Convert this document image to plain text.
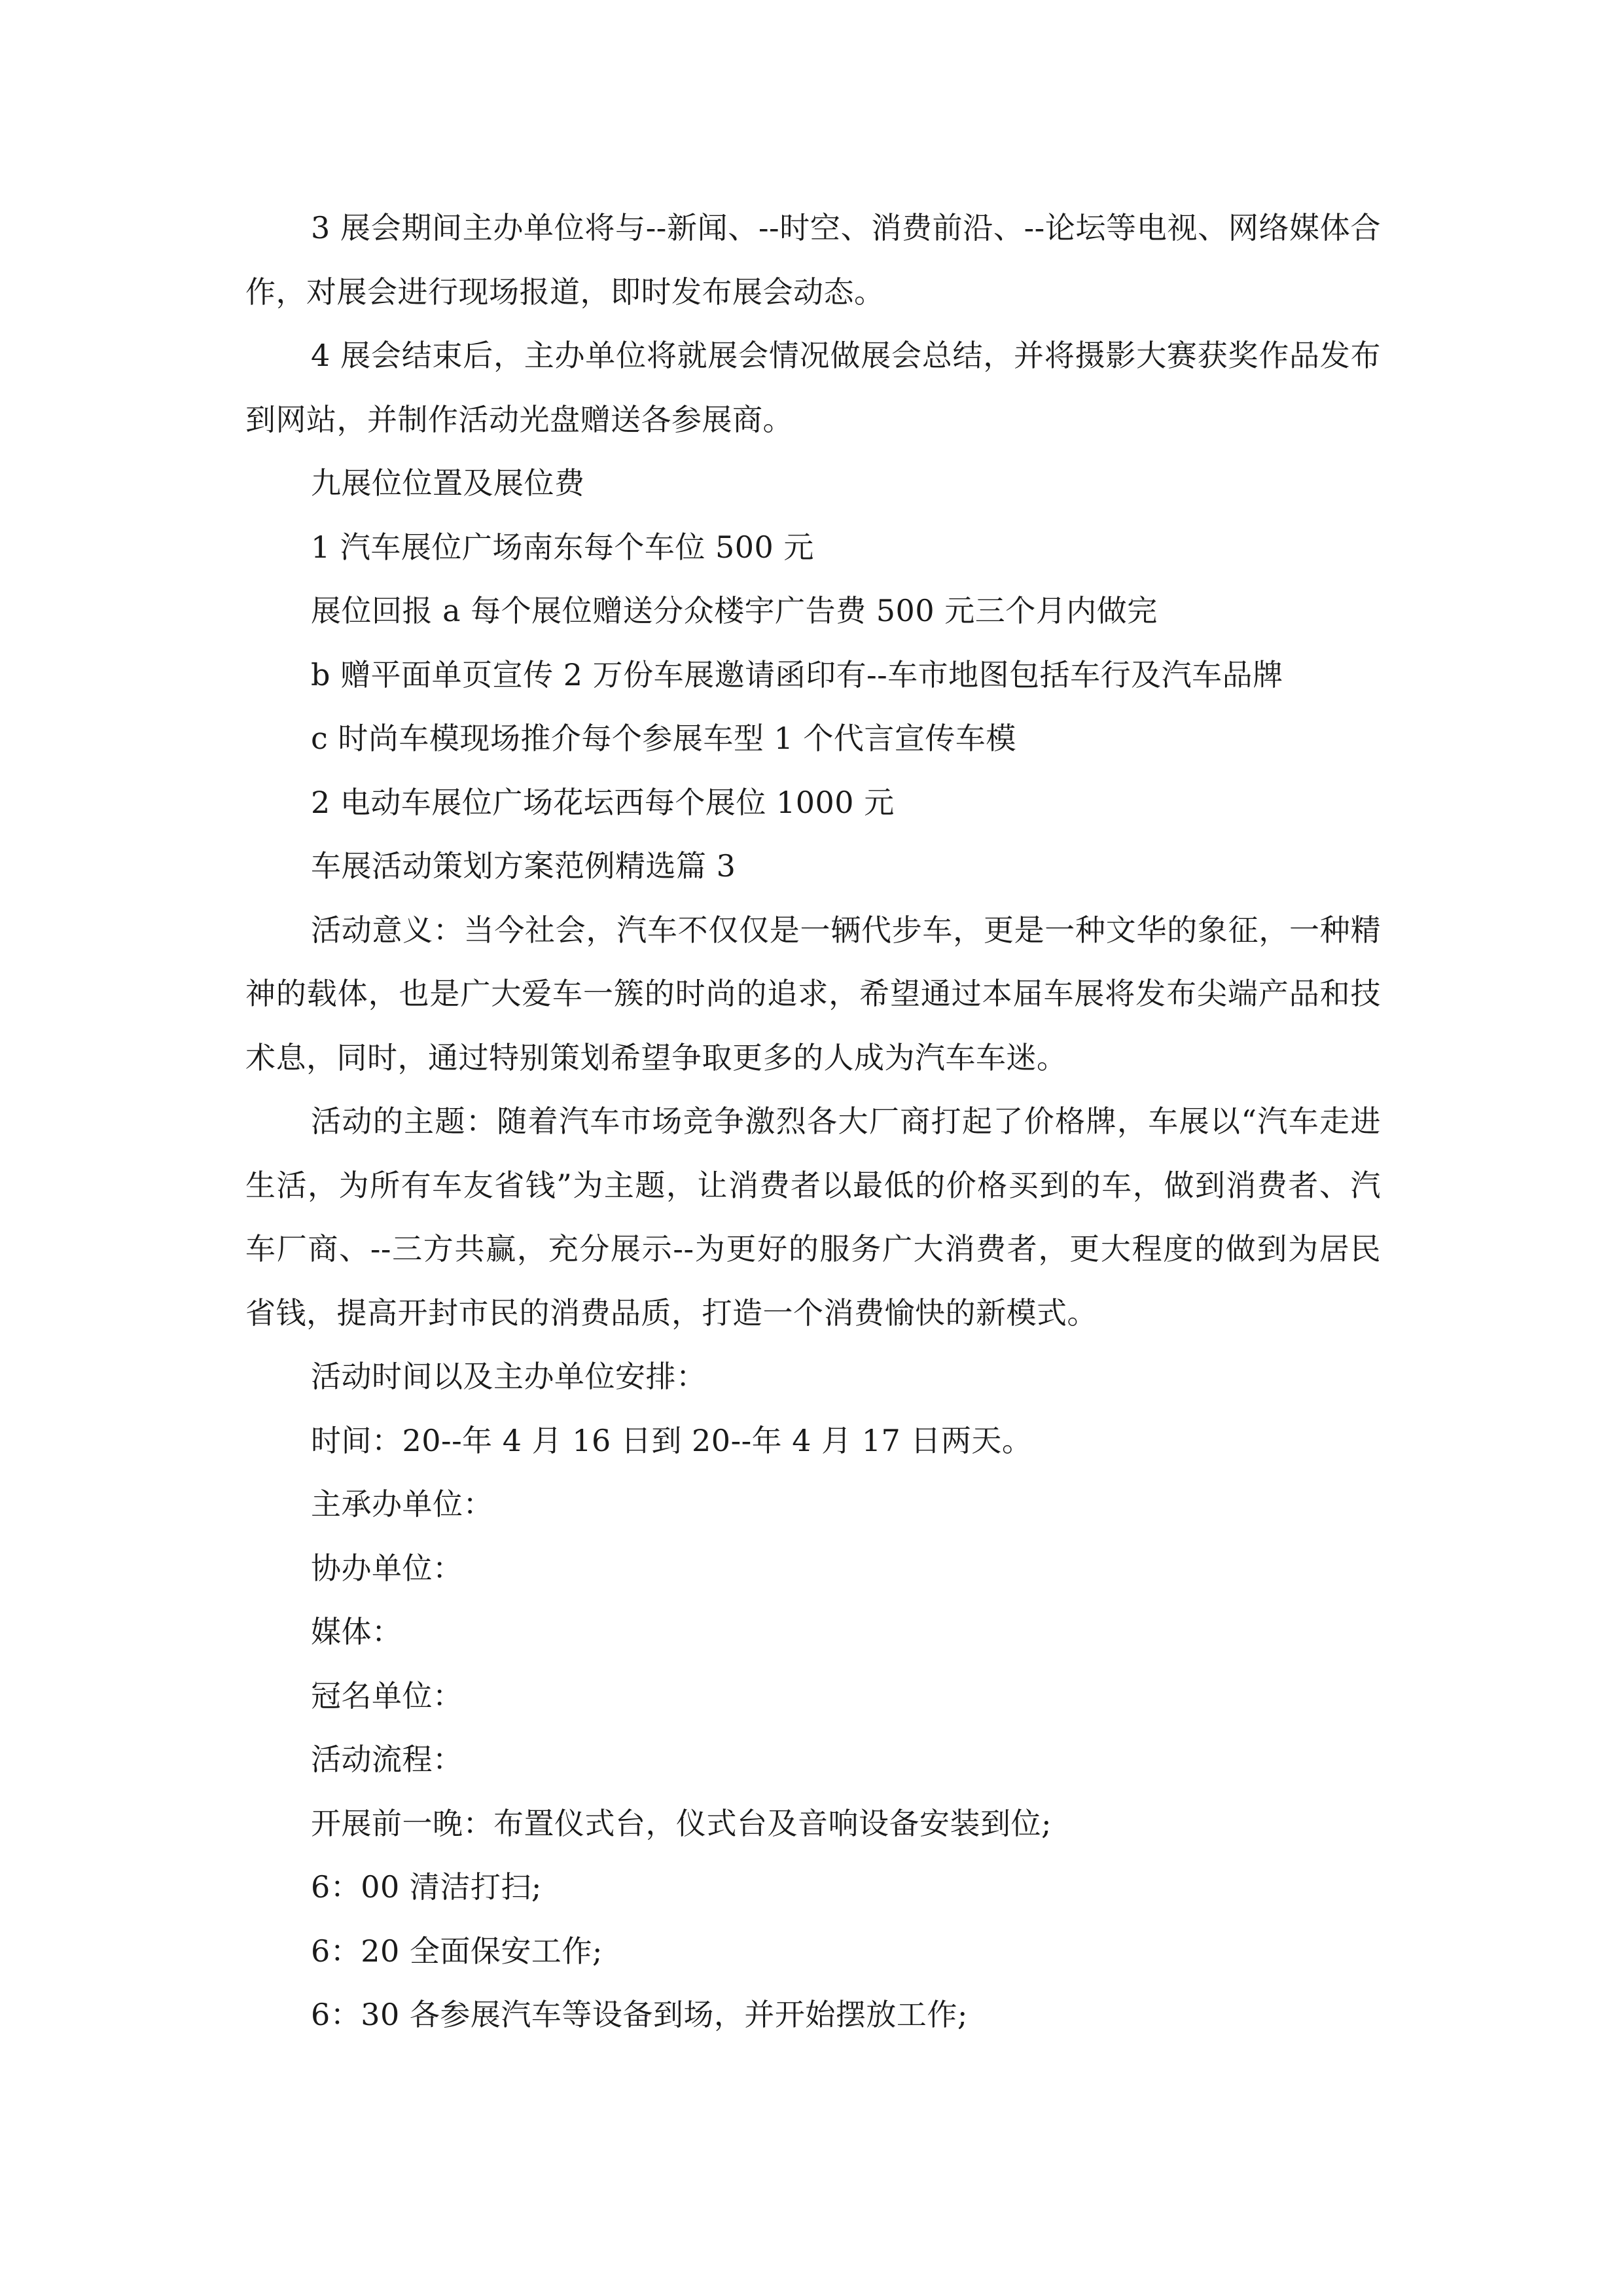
3 展会期间主办单位将与--新闻、--时空、消费前沿、--论坛等电视、网络媒体合作，对展会进行现场报道，即时发布展会动态。

4 展会结束后，主办单位将就展会情况做展会总结，并将摄影大赛获奖作品发布到网站，并制作活动光盘赠送各参展商。

九展位位置及展位费

1 汽车展位广场南东每个车位 500 元

展位回报 a 每个展位赠送分众楼宇广告费 500 元三个月内做完

b 赠平面单页宣传 2 万份车展邀请函印有--车市地图包括车行及汽车品牌

c 时尚车模现场推介每个参展车型 1 个代言宣传车模

2 电动车展位广场花坛西每个展位 1000 元

车展活动策划方案范例精选篇 3

活动意义：当今社会，汽车不仅仅是一辆代步车，更是一种文华的象征，一种精神的载体，也是广大爱车一簇的时尚的追求，希望通过本届车展将发布尖端产品和技术息，同时，通过特别策划希望争取更多的人成为汽车车迷。

活动的主题：随着汽车市场竞争激烈各大厂商打起了价格牌，车展以“汽车走进生活，为所有车友省钱”为主题，让消费者以最低的价格买到的车，做到消费者、汽车厂商、--三方共赢，充分展示--为更好的服务广大消费者，更大程度的做到为居民省钱，提高开封市民的消费品质，打造一个消费愉快的新模式。

活动时间以及主办单位安排：

时间：20--年 4 月 16 日到 20--年 4 月 17 日两天。

主承办单位：

协办单位：

媒体：

冠名单位：

活动流程：

开展前一晚：布置仪式台，仪式台及音响设备安装到位;

6：00 清洁打扫;

6：20 全面保安工作;

6：30 各参展汽车等设备到场，并开始摆放工作;
